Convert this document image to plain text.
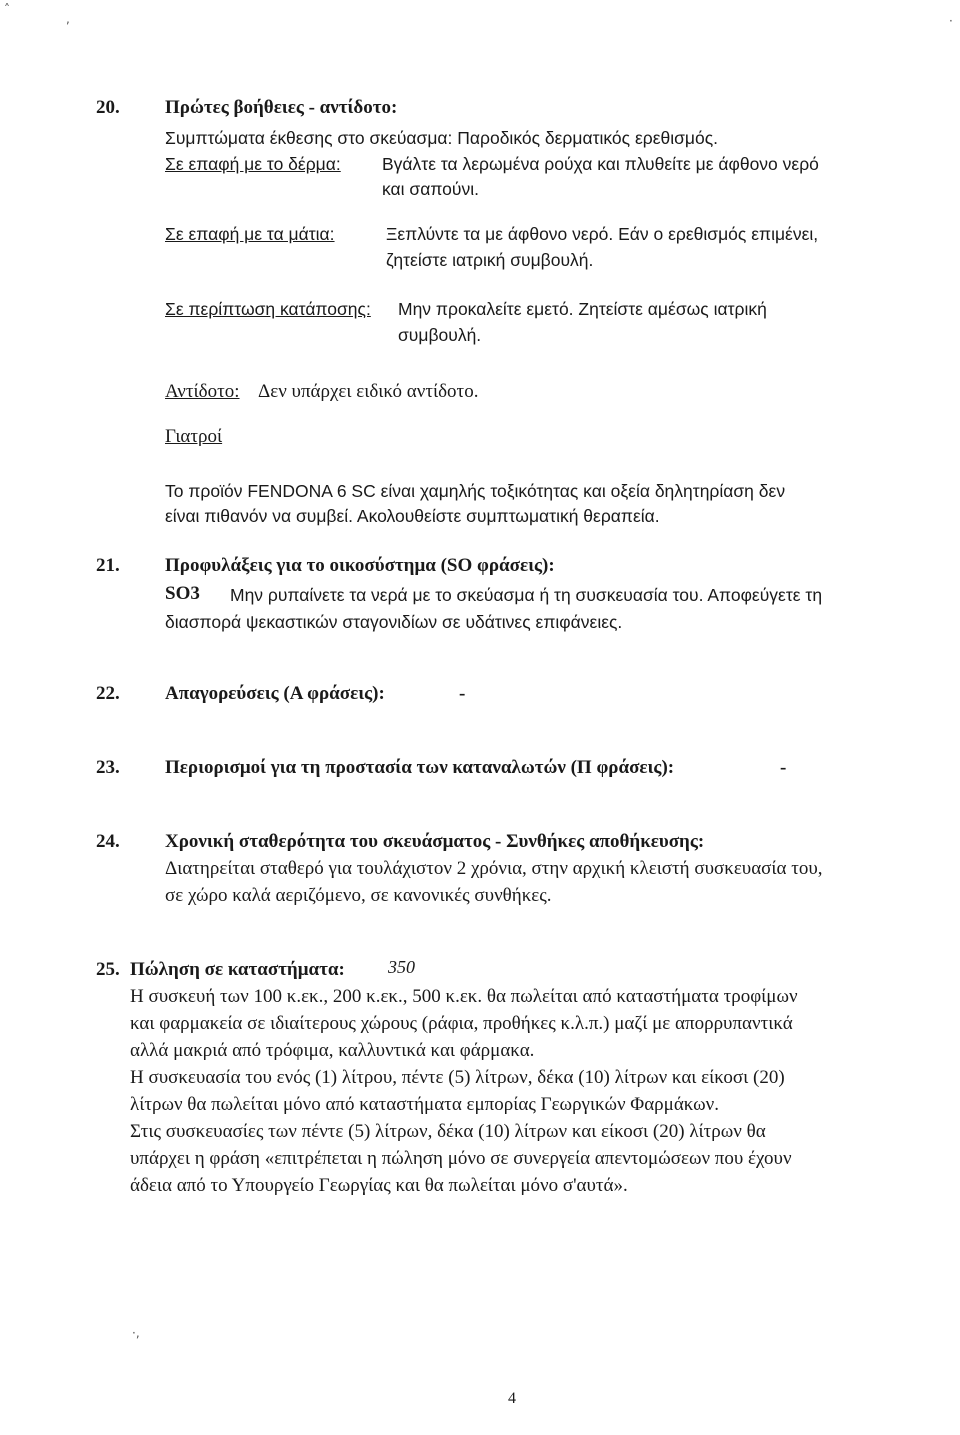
˄
,	·
·,
20. Πρώτες βοήθειες - αντίδοτο:
Συμπτώματα έκθεσης στο σκεύασμα: Παροδικός δερματικός ερεθισμός.
Σε επαφή με το δέρμα: Βγάλτε τα λερωμένα ρούχα και πλυθείτε με άφθονο νερό
και σαπούνι.
Σε επαφή με τα μάτια:	Ξεπλύντε τα με άφθονο νερό. Εάν ο ερεθισμός επιμένει,
ζητείστε ιατρική συμβουλή.
Σε περίπτωση κατάποσης: Μην προκαλείτε εμετό. Ζητείστε αμέσως ιατρική
συμβουλή.
Αντίδοτο: Δεν υπάρχει ειδικό αντίδοτο.
Γιατροί
Το προϊόν FENDONA 6 SC είναι χαμηλής τοξικότητας και οξεία δηλητηρίαση δεν
είναι πιθανόν να συμβεί. Ακολουθείστε συμπτωματική θεραπεία.
21. Προφυλάξεις για το οικοσύστημα (SO φράσεις):
SO3 Μην ρυπαίνετε τα νερά με το σκεύασμα ή τη συσκευασία του. Αποφεύγετε τη
διασπορά ψεκαστικών σταγονιδίων σε υδάτινες επιφάνειες.
22. Απαγορεύσεις (Α φράσεις):	-
23. Περιορισμοί για τη προστασία των καταναλωτών (Π φράσεις):	-
24. Χρονική σταθερότητα του σκευάσματος - Συνθήκες αποθήκευσης:
Διατηρείται σταθερό για τουλάχιστον 2 χρόνια, στην αρχική κλειστή συσκευασία του,
σε χώρο καλά αεριζόμενο, σε κανονικές συνθήκες.
25. Πώληση σε καταστήματα: 350
Η συσκευή των 100 κ.εκ., 200 κ.εκ., 500 κ.εκ. θα πωλείται από καταστήματα τροφίμων
και φαρμακεία σε ιδιαίτερους χώρους (ράφια, προθήκες κ.λ.π.) μαζί με απορρυπαντικά
αλλά μακριά από τρόφιμα, καλλυντικά και φάρμακα.
Η συσκευασία του ενός (1) λίτρου, πέντε (5) λίτρων, δέκα (10) λίτρων και είκοσι (20)
λίτρων θα πωλείται μόνο από καταστήματα εμπορίας Γεωργικών Φαρμάκων.
Στις συσκευασίες των πέντε (5) λίτρων, δέκα (10) λίτρων και είκοσι (20) λίτρων θα
υπάρχει η φράση «επιτρέπεται η πώληση μόνο σε συνεργεία απεντομώσεων που έχουν
άδεια από το Υπουργείο Γεωργίας και θα πωλείται μόνο σ'αυτά».
4
